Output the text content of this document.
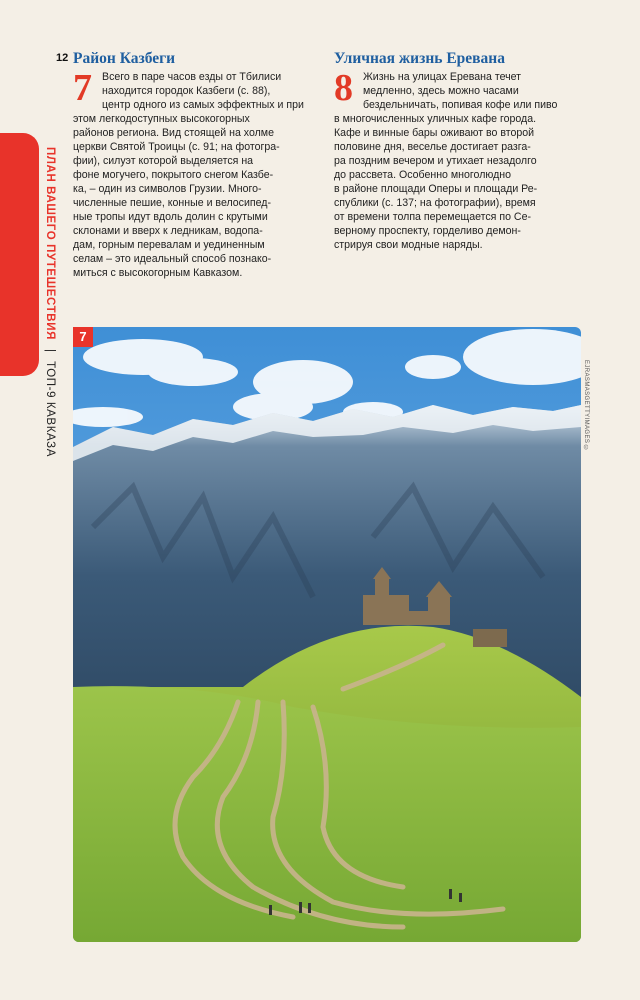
12
ПЛАН ВАШЕГО ПУТЕШЕСТВИЯ | ТОП-9 КАВКАЗА
Район Казбеги
7 Всего в паре часов езды от Тбилиси
находится городок Казбеги (с. 88),
центр одного из самых эффектных и при
этом легкодоступных высокогорных
районов региона. Вид стоящей на холме
церкви Святой Троицы (с. 91; на фотогра-
фии), силуэт которой выделяется на
фоне могучего, покрытого снегом Казбе-
ка, – один из символов Грузии. Много-
численные пешие, конные и велосипед-
ные тропы идут вдоль долин с крутыми
склонами и вверх к ледникам, водопа-
дам, горным перевалам и уединенным
селам – это идеальный способ познако-
миться с высокогорным Кавказом.

Уличная жизнь Еревана
8 Жизнь на улицах Еревана течет
медленно, здесь можно часами
бездельничать, попивая кофе или пиво
в многочисленных уличных кафе города.
Кафе и винные бары оживают во второй
половине дня, веселье достигает разга-
ра поздним вечером и утихает незадолго
до рассвета. Особенно многолюдно
в районе площади Оперы и площади Ре-
спублики (с. 137; на фотографии), время
от времени толпа перемещается по Се-
верному проспекту, горделиво демон-
стрируя свои модные наряды.

7
EJRASMASGETTYIMAGES ©
